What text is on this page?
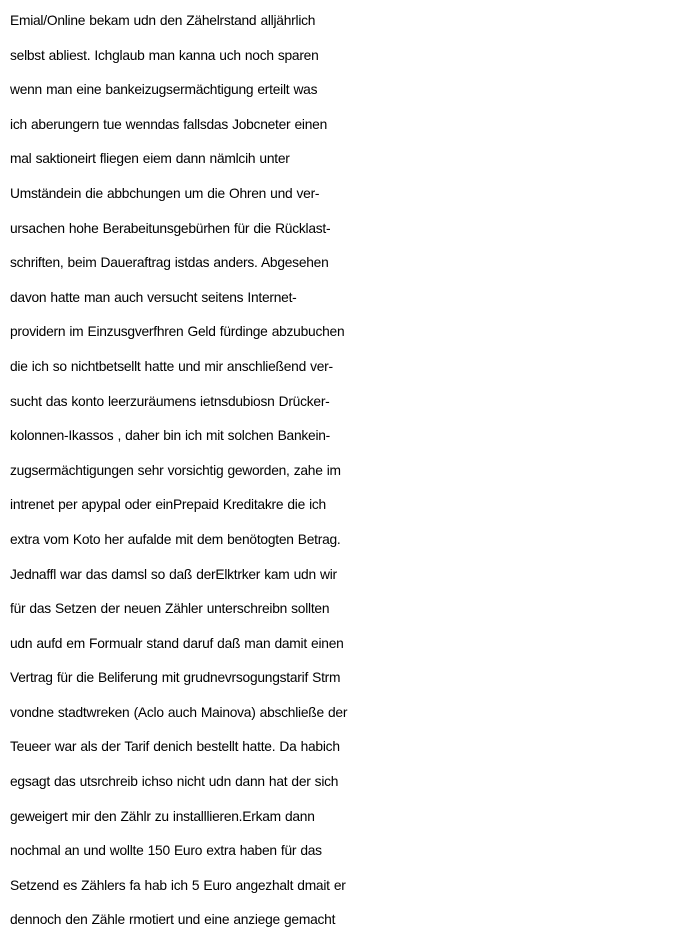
Emial/Online bekam udn den Zähelrstand alljährlich
selbst abliest. Ichglaub man kanna uch noch sparen
wenn man eine bankeizugsermächtigung erteilt was
ich aberungern tue wenndas fallsdas Jobcneter einen
mal saktioneirt fliegen eiem dann nämlcih unter
Umständein die abbchungen um die Ohren und ver-
ursachen hohe Berabeitunsgebürhen für die Rücklast-
schriften, beim Daueraftrag istdas anders. Abgesehen
davon hatte man auch versucht seitens Internet-
providern im Einzusgverfhren Geld fürdinge abzubuchen
die ich so nichtbetsellt hatte und mir anschließend ver-
sucht das konto leerzuräumens ietnsdubiosn Drücker-
kolonnen-Ikassos , daher bin ich mit solchen Bankein-
zugsermächtigungen sehr vorsichtig geworden, zahe im
intrenet per apypal oder einPrepaid Kreditakre die ich
extra vom Koto her aufalde mit dem benötogten Betrag.
Jednaffl war das damsl so daß derElktrker kam udn wir
für das Setzen der neuen Zähler unterschreibn sollten
udn aufd em Formualr stand daruf daß man damit einen
Vertrag für die Beliferung mit grudnevrsogungstarif Strm
vondne stadtwreken (Aclo auch Mainova) abschließe der
Teueer war als der Tarif denich bestellt hatte. Da habich
egsagt das utsrchreib ichso nicht udn dann hat der sich
geweigert mir den Zählr zu installlieren.Erkam dann
nochmal an und wollte 150 Euro extra haben für das
Setzend es Zählers fa hab ich 5 Euro angezhalt dmait er
dennoch den Zähle rmotiert und eine anziege gemacht
